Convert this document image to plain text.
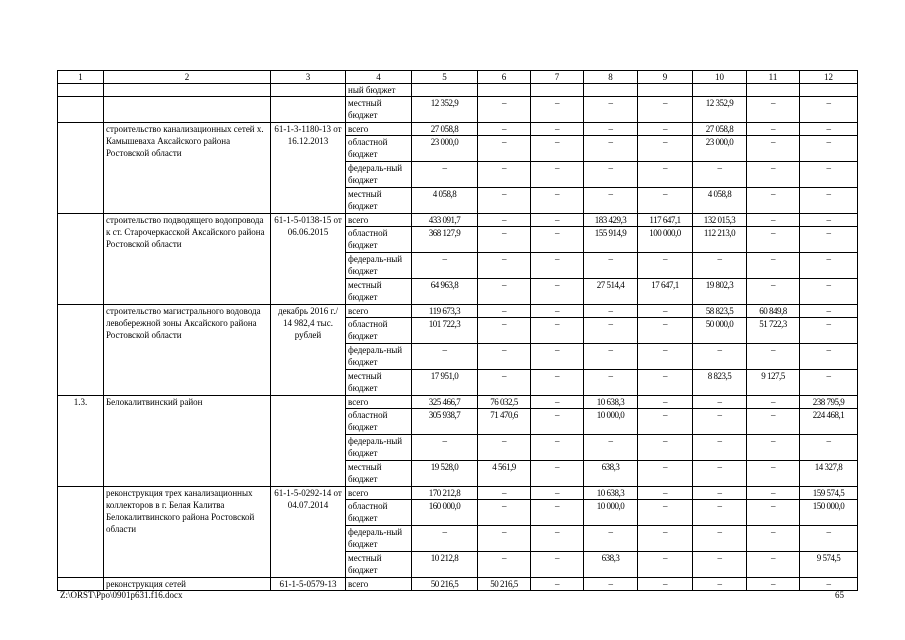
1	2	3	4	5	6	7	8	9	10	11	12
			ный бюджет								
			местный бюджет	12 352,9	–	–	–	–	12 352,9	–	–
	строительство канализационных сетей х. Камышеваха Аксайского района Ростовской области	61-1-3-1180-13 от 16.12.2013	всего	27 058,8	–	–	–	–	27 058,8	–	–
			областной бюджет	23 000,0	–	–	–	–	23 000,0	–	–
			федераль-ный бюджет	–	–	–	–	–	–	–	–
			местный бюджет	4 058,8	–	–	–	–	4 058,8	–	–
	строительство подводящего водопровода к ст. Старочеркасской Аксайского района Ростовской области	61-1-5-0138-15 от 06.06.2015	всего	433 091,7	–	–	183 429,3	117 647,1	132 015,3	–	–
			областной бюджет	368 127,9	–	–	155 914,9	100 000,0	112 213,0	–	–
			федераль-ный бюджет	–	–	–	–	–	–	–	–
			местный бюджет	64 963,8	–	–	27 514,4	17 647,1	19 802,3	–	–
	строительство магистрального водовода левобережной зоны Аксайского района Ростовской области	декабрь 2016 г./ 14 982,4 тыс. рублей	всего	119 673,3	–	–	–	–	58 823,5	60 849,8	–
			областной бюджет	101 722,3	–	–	–	–	50 000,0	51 722,3	–
			федераль-ный бюджет	–	–	–	–	–	–	–	–
			местный бюджет	17 951,0	–	–	–	–	8 823,5	9 127,5	–
1.3.	Белокалитвинский район		всего	325 466,7	76 032,5	–	10 638,3	–	–	–	238 795,9
			областной бюджет	305 938,7	71 470,6	–	10 000,0	–	–	–	224 468,1
			федераль-ный бюджет	–	–	–	–	–	–	–	–
			местный бюджет	19 528,0	4 561,9	–	638,3	–	–	–	14 327,8
	реконструкция трех канализационных коллекторов в г. Белая Калитва Белокалитвинского района Ростовской области	61-1-5-0292-14 от 04.07.2014	всего	170 212,8	–	–	10 638,3	–	–	–	159 574,5
			областной бюджет	160 000,0	–	–	10 000,0	–	–	–	150 000,0
			федераль-ный бюджет	–	–	–	–	–	–	–	–
			местный бюджет	10 212,8	–	–	638,3	–	–	–	9 574,5
	реконструкция сетей	61-1-5-0579-13	всего	50 216,5	50 216,5	–	–	–	–	–	–
Z:\ORST\Ppo\0901p631.f16.docx	65
